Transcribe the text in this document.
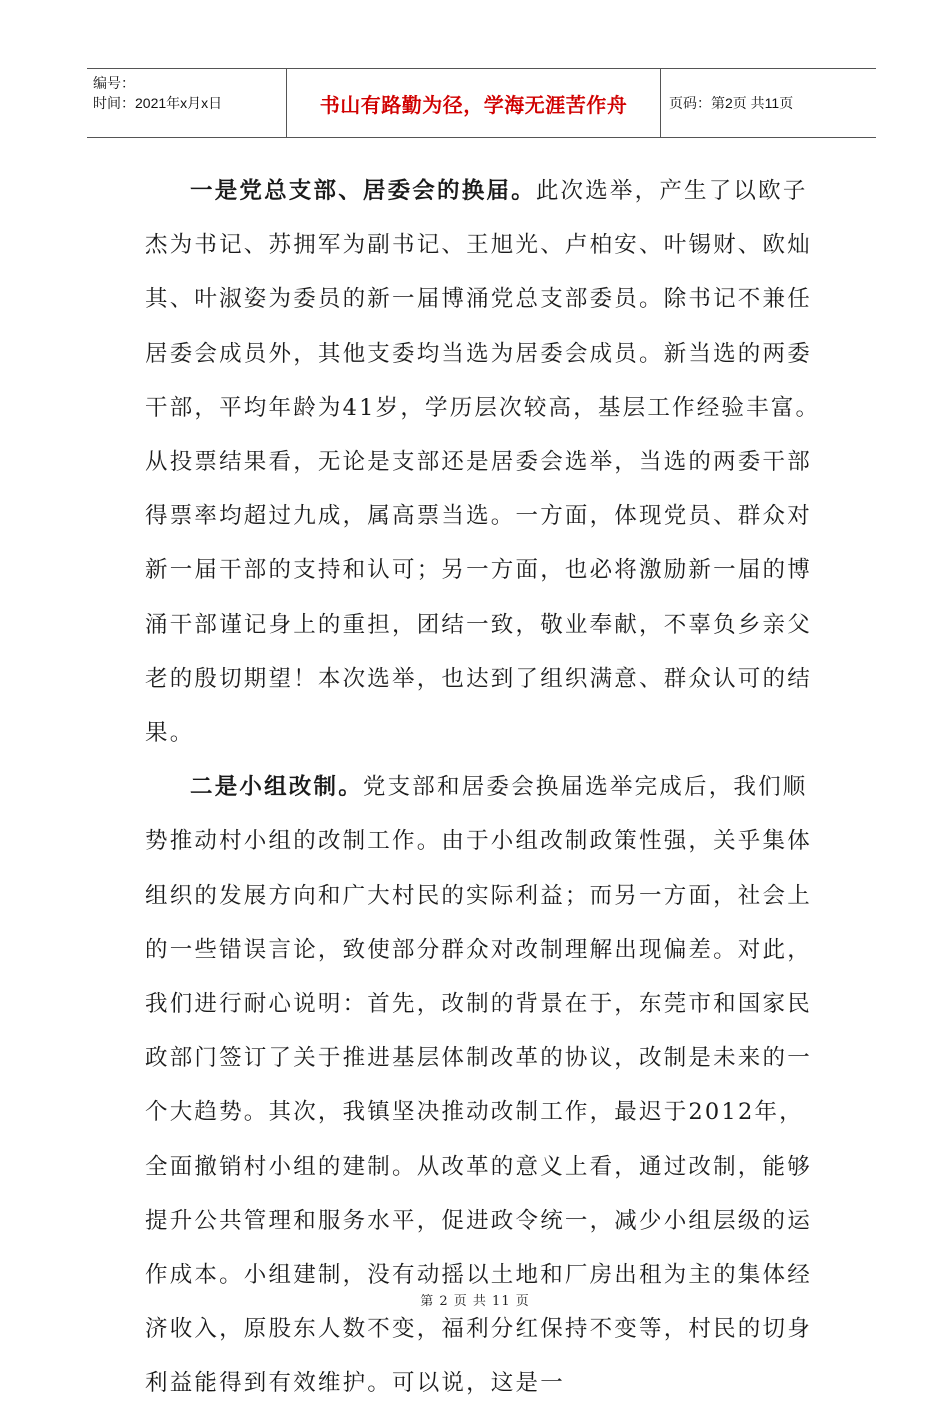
编号：
时间：2021年x月x日	书山有路勤为径，学海无涯苦作舟	页码：第2页 共11页

一是党总支部、居委会的换届。此次选举，产生了以欧子杰为书记、苏拥军为副书记、王旭光、卢柏安、叶锡财、欧灿其、叶淑姿为委员的新一届博涌党总支部委员。除书记不兼任居委会成员外，其他支委均当选为居委会成员。新当选的两委干部，平均年龄为41岁，学历层次较高，基层工作经验丰富。从投票结果看，无论是支部还是居委会选举，当选的两委干部得票率均超过九成，属高票当选。一方面，体现党员、群众对新一届干部的支持和认可；另一方面，也必将激励新一届的博涌干部谨记身上的重担，团结一致，敬业奉献，不辜负乡亲父老的殷切期望！本次选举，也达到了组织满意、群众认可的结果。

二是小组改制。党支部和居委会换届选举完成后，我们顺势推动村小组的改制工作。由于小组改制政策性强，关乎集体组织的发展方向和广大村民的实际利益；而另一方面，社会上的一些错误言论，致使部分群众对改制理解出现偏差。对此，我们进行耐心说明：首先，改制的背景在于，东莞市和国家民政部门签订了关于推进基层体制改革的协议，改制是未来的一个大趋势。其次，我镇坚决推动改制工作，最迟于2012年，全面撤销村小组的建制。从改革的意义上看，通过改制，能够提升公共管理和服务水平，促进政令统一，减少小组层级的运作成本。小组建制，没有动摇以土地和厂房出租为主的集体经济收入，原股东人数不变，福利分红保持不变等，村民的切身利益能得到有效维护。可以说，这是一

第 2 页 共 11 页
